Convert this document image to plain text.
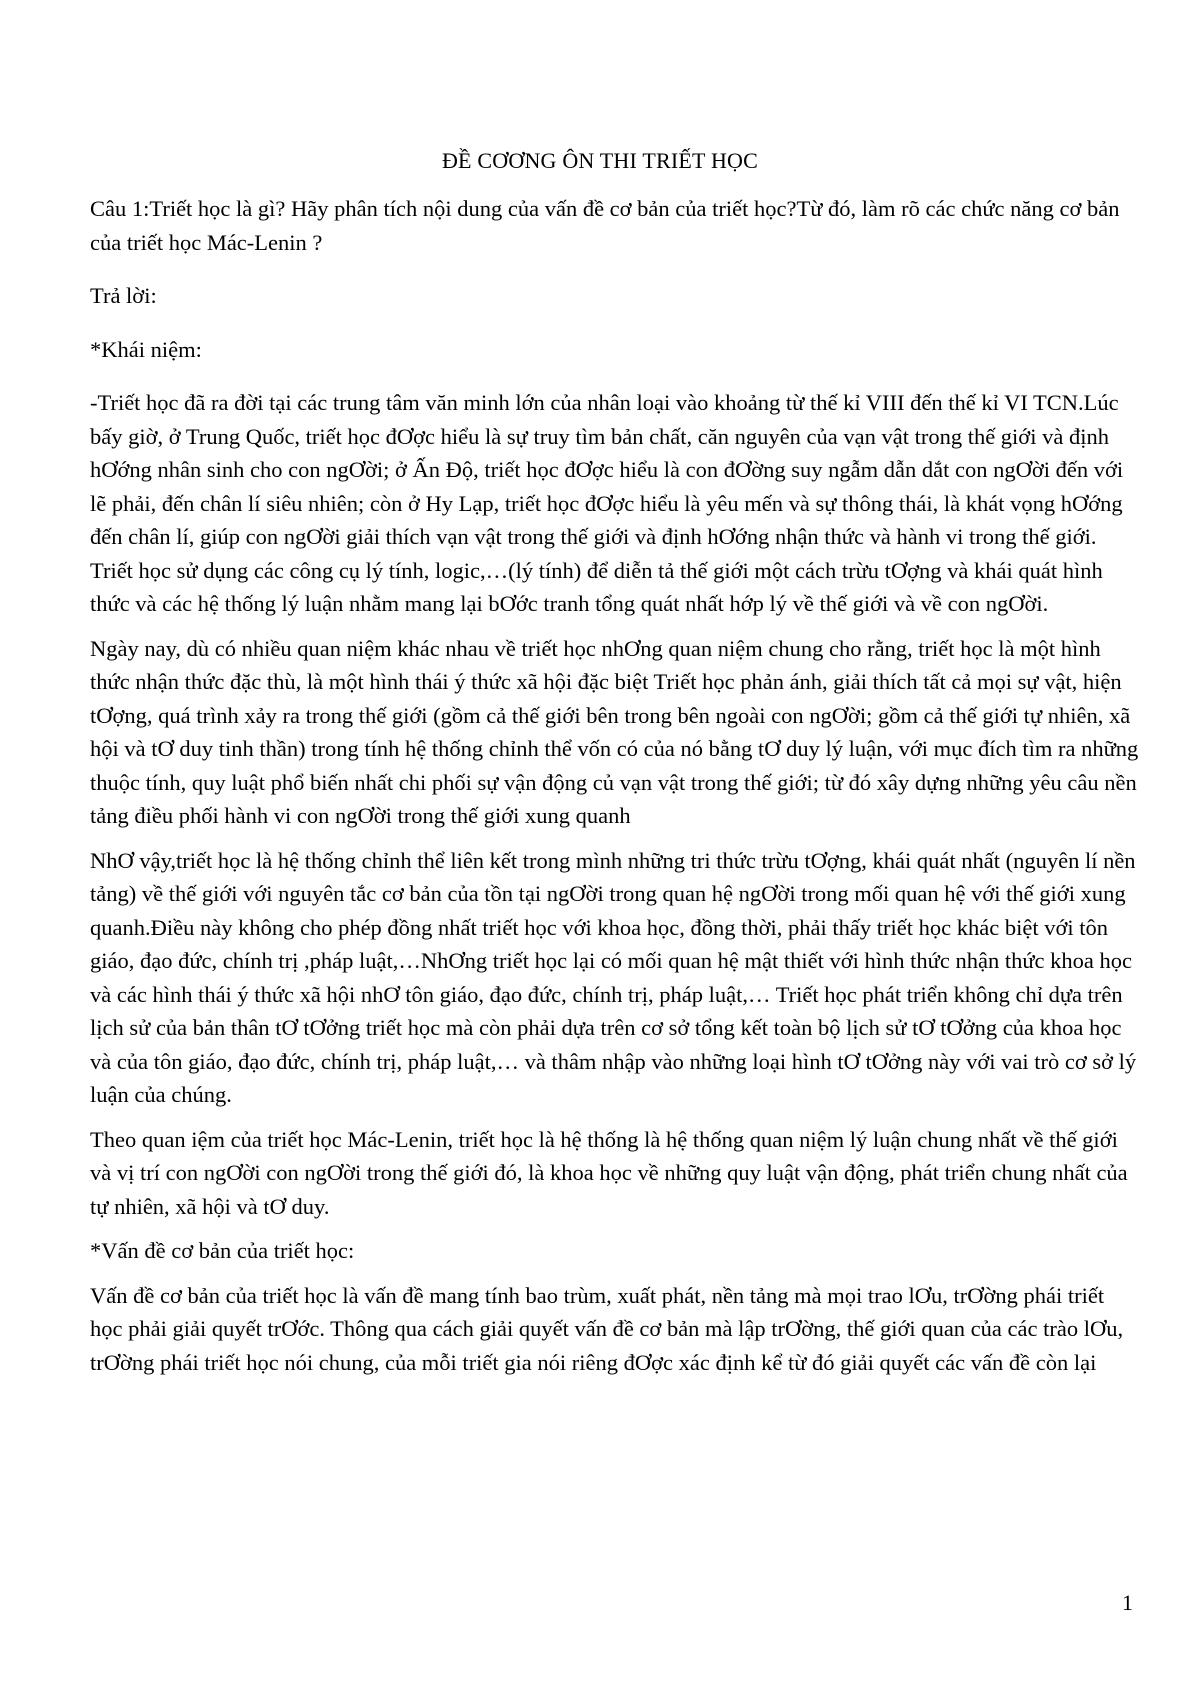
ĐỀ CƠƠNG ÔN THI TRIẾT HỌC

Câu 1:Triết học là gì? Hãy phân tích nội dung của vấn đề cơ bản của triết học?Từ đó, làm rõ các chức năng cơ bản của triết học Mác-Lenin ?

Trả lời:

*Khái niệm:

-Triết học đã ra đời tại các trung tâm văn minh lớn của nhân loại vào khoảng từ thế kỉ VIII đến thế kỉ VI TCN.Lúc bấy giờ, ở Trung Quốc, triết học đƠợc hiểu là sự truy tìm bản chất, căn nguyên của vạn vật trong thế giới và định hƠớng nhân sinh cho con ngƠời; ở Ấn Độ, triết học đƠợc hiểu là con đƠờng suy ngẫm dẫn dắt con ngƠời đến với lẽ phải, đến chân lí siêu nhiên; còn ở Hy Lạp, triết học đƠợc hiểu là yêu mến và sự thông thái, là khát vọng hƠớng đến chân lí, giúp con ngƠời giải thích vạn vật trong thế giới và định hƠớng nhận thức và hành vi trong thế giới. Triết học sử dụng các công cụ lý tính, logic,…(lý tính) để diễn tả thế giới một cách trừu tƠợng và khái quát hình thức và các hệ thống lý luận nhằm mang lại bƠớc tranh tổng quát nhất hớp lý về thế giới và về con ngƠời.

Ngày nay, dù có nhiều quan niệm khác nhau về triết học nhƠng quan niệm chung cho rằng, triết học là một hình thức nhận thức đặc thù, là một hình thái ý thức xã hội đặc biệt Triết học phản ánh, giải thích tất cả mọi sự vật, hiện tƠợng, quá trình xảy ra trong thế giới (gồm cả thế giới bên trong bên ngoài con ngƠời; gồm cả thế giới tự nhiên, xã hội và tƠ duy tinh thần) trong tính hệ thống chỉnh thể vốn có của nó bằng tƠ duy lý luận, với mục đích tìm ra những thuộc tính, quy luật phổ biến nhất chi phối sự vận động củ vạn vật trong thế giới; từ đó xây dựng những yêu câu nền tảng điều phối hành vi con ngƠời trong thế giới xung quanh

NhƠ vậy,triết học là hệ thống chỉnh thể liên kết trong mình những tri thức trừu tƠợng, khái quát nhất (nguyên lí nền tảng) về thế giới với nguyên tắc cơ bản của tồn tại ngƠời trong quan hệ ngƠời trong mối quan hệ với thế giới xung quanh.Điều này không cho phép đồng nhất triết học với khoa học, đồng thời, phải thấy triết học khác biệt với tôn giáo, đạo đức, chính trị ,pháp luật,…NhƠng triết học lại có mối quan hệ mật thiết với hình thức nhận thức khoa học và các hình thái ý thức xã hội nhƠ tôn giáo, đạo đức, chính trị, pháp luật,… Triết học phát triển không chỉ dựa trên lịch sử của bản thân tƠ tƠởng triết học mà còn phải dựa trên cơ sở tổng kết toàn bộ lịch sử tƠ tƠởng của khoa học và của tôn giáo, đạo đức, chính trị, pháp luật,… và thâm nhập vào những loại hình tƠ tƠởng này với vai trò cơ sở lý luận của chúng.

Theo quan iệm của triết học Mác-Lenin, triết học là hệ thống là hệ thống quan niệm lý luận chung nhất về thế giới và vị trí con ngƠời con ngƠời trong thế giới đó, là khoa học về những quy luật vận động, phát triển chung nhất của tự nhiên, xã hội và tƠ duy.

*Vấn đề cơ bản của triết học:

Vấn đề cơ bản của triết học là vấn đề mang tính bao trùm, xuất phát, nền tảng mà mọi trao lƠu, trƠờng phái triết học phải giải quyết trƠớc. Thông qua cách giải quyết vấn đề cơ bản mà lập trƠờng, thế giới quan của các trào lƠu, trƠờng phái triết học nói chung, của mỗi triết gia nói riêng đƠợc xác định kể từ đó giải quyết các vấn đề còn lại

1
